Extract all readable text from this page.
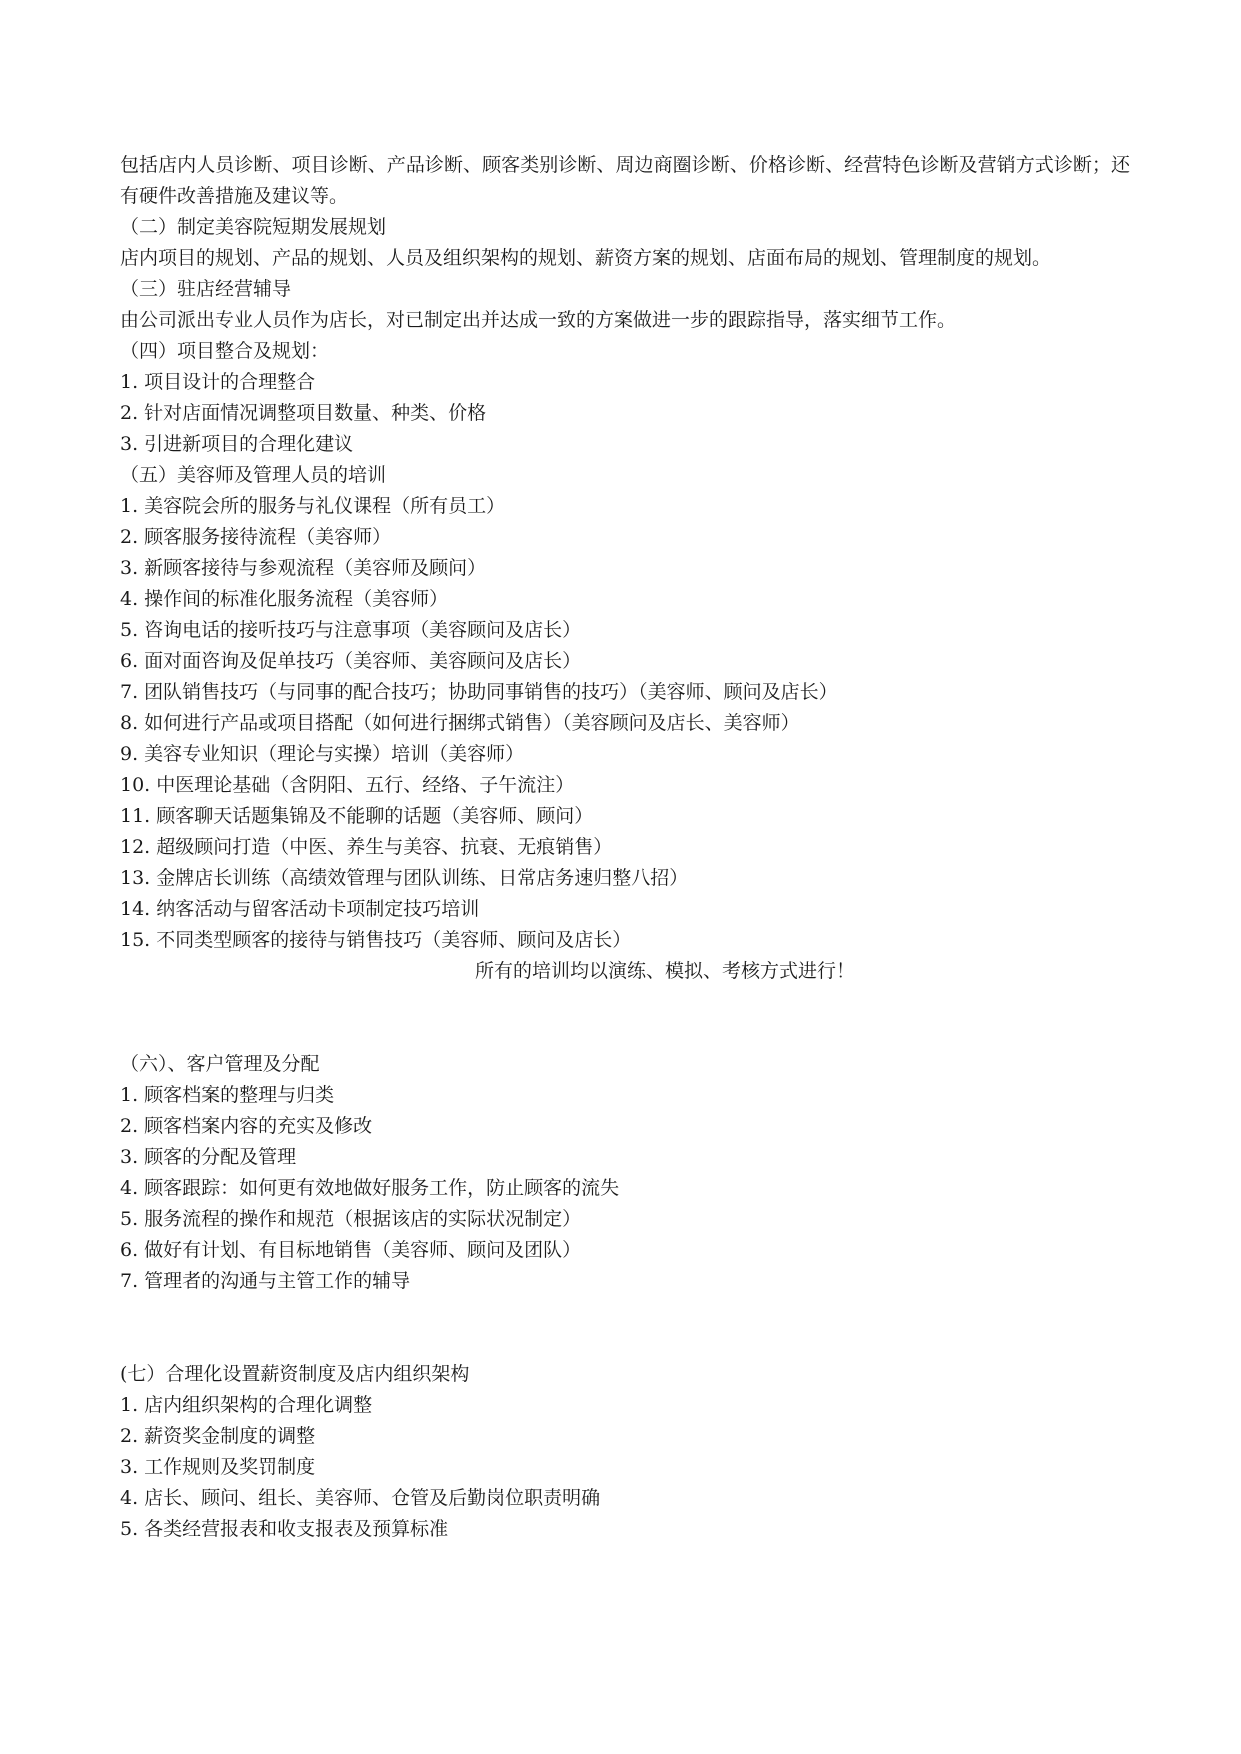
包括店内人员诊断、项目诊断、产品诊断、顾客类别诊断、周边商圈诊断、价格诊断、经营特色诊断及营销方式诊断；还有硬件改善措施及建议等。
（二）制定美容院短期发展规划
店内项目的规划、产品的规划、人员及组织架构的规划、薪资方案的规划、店面布局的规划、管理制度的规划。
（三）驻店经营辅导
由公司派出专业人员作为店长，对已制定出并达成一致的方案做进一步的跟踪指导，落实细节工作。
（四）项目整合及规划：
1. 项目设计的合理整合
2. 针对店面情况调整项目数量、种类、价格
3. 引进新项目的合理化建议
（五）美容师及管理人员的培训
1. 美容院会所的服务与礼仪课程（所有员工）
2. 顾客服务接待流程（美容师）
3. 新顾客接待与参观流程（美容师及顾问）
4. 操作间的标准化服务流程（美容师）
5. 咨询电话的接听技巧与注意事项（美容顾问及店长）
6. 面对面咨询及促单技巧（美容师、美容顾问及店长）
7. 团队销售技巧（与同事的配合技巧；协助同事销售的技巧）（美容师、顾问及店长）
8. 如何进行产品或项目搭配（如何进行捆绑式销售）（美容顾问及店长、美容师）
9. 美容专业知识（理论与实操）培训（美容师）
10. 中医理论基础（含阴阳、五行、经络、子午流注）
11. 顾客聊天话题集锦及不能聊的话题（美容师、顾问）
12. 超级顾问打造（中医、养生与美容、抗衰、无痕销售）
13. 金牌店长训练（高绩效管理与团队训练、日常店务速归整八招）
14. 纳客活动与留客活动卡项制定技巧培训
15. 不同类型顾客的接待与销售技巧（美容师、顾问及店长）
所有的培训均以演练、模拟、考核方式进行！
（六）、客户管理及分配
1. 顾客档案的整理与归类
2. 顾客档案内容的充实及修改
3. 顾客的分配及管理
4. 顾客跟踪：如何更有效地做好服务工作，防止顾客的流失
5. 服务流程的操作和规范（根据该店的实际状况制定）
6. 做好有计划、有目标地销售（美容师、顾问及团队）
7. 管理者的沟通与主管工作的辅导
(七）合理化设置薪资制度及店内组织架构
1. 店内组织架构的合理化调整
2. 薪资奖金制度的调整
3. 工作规则及奖罚制度
4. 店长、顾问、组长、美容师、仓管及后勤岗位职责明确
5. 各类经营报表和收支报表及预算标准
